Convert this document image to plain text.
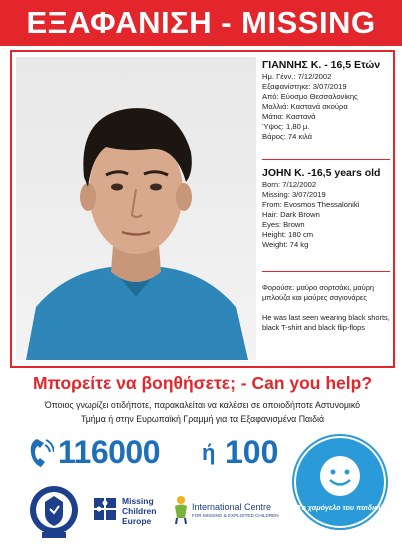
ΕΞΑΦΑΝΙΣΗ - MISSING
ΓΙΑΝΝΗΣ Κ. - 16,5 Ετών
Ημ. Γένν.: 7/12/2002
Εξαφανίστηκε: 3/07/2019
Από: Εύοσμο Θεσσαλονίκης
Μαλλιά: Καστανά σκούρα
Μάτια: Καστανά
Ύψος: 1,80 μ.
Βάρος: 74 κιλά
JOHN K. -16,5 years old
Born: 7/12/2002
Missing: 3/07/2019
From: Evosmos Thessaloniki
Hair: Dark Brown
Eyes: Brown
Height: 180 cm
Weight: 74 kg
Φορούσε: μαύρο σορτσάκι, μαύρη μπλούζα και μαύρες σαγιονάρες
He was last seen wearing black shorts, black T-shirt and black flip-flops
Μπορείτε να βοηθήσετε; - Can you help?
Όποιος γνωρίζει οτιδήποτε, παρακαλείται να καλέσει σε οποιοδήποτε Αστυνομικό
Τμήμα ή στην Ευρωπαϊκή Γραμμή για τα Εξαφανισμένα Παιδιά
116000 ή 100
Το χαμόγελο του παιδιού
Missing
Children
Europe
International Centre
FOR MISSING & EXPLOITED CHILDREN
